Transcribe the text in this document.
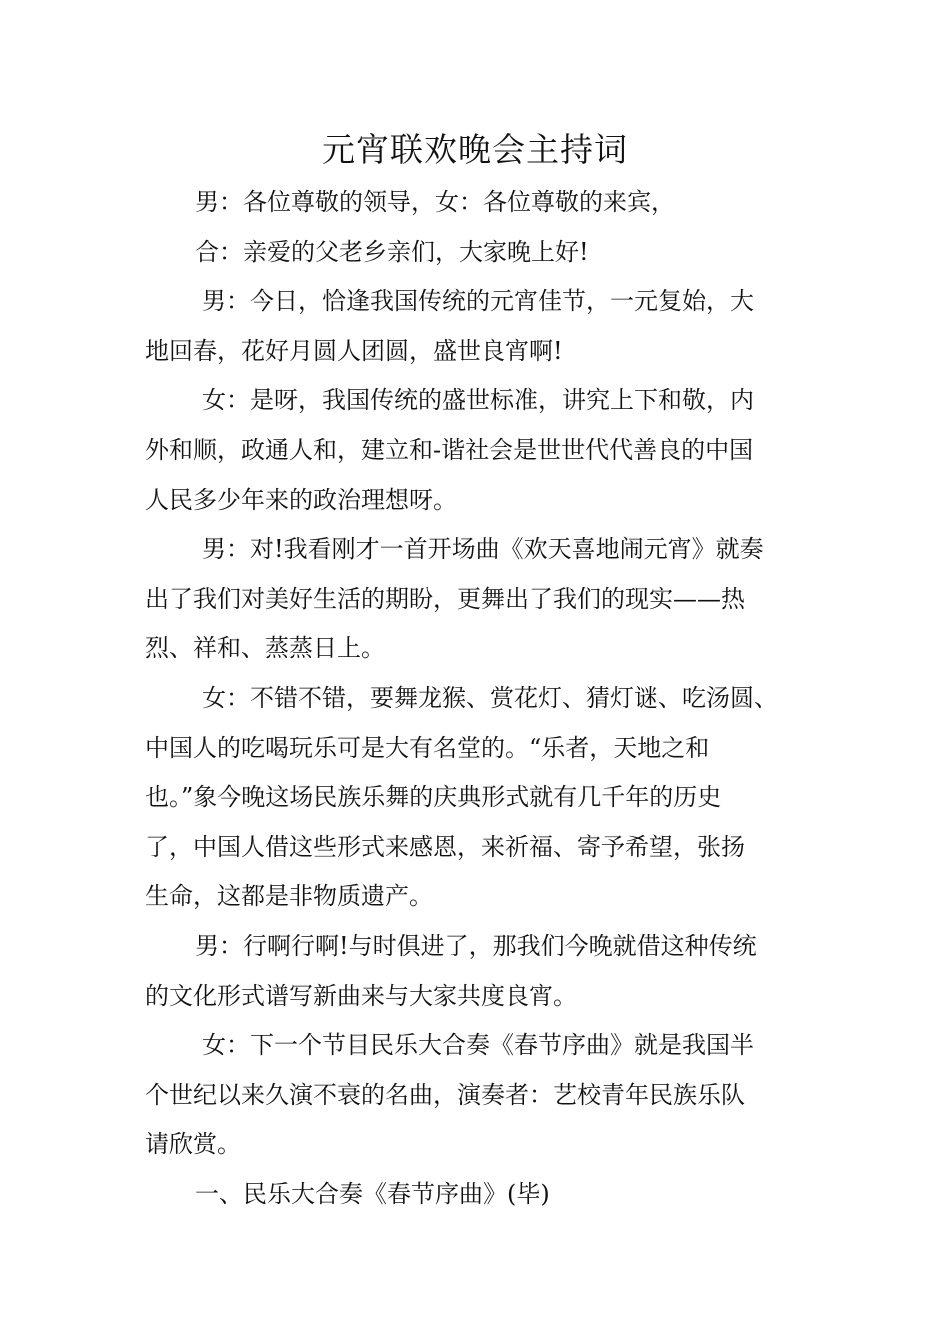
元宵联欢晚会主持词
男：各位尊敬的领导，女：各位尊敬的来宾，
合：亲爱的父老乡亲们，大家晚上好!
男：今日，恰逢我国传统的元宵佳节，一元复始，大
地回春，花好月圆人团圆，盛世良宵啊!
女：是呀，我国传统的盛世标准，讲究上下和敬，内
外和顺，政通人和，建立和-谐社会是世世代代善良的中国
人民多少年来的政治理想呀。
男：对!我看刚才一首开场曲《欢天喜地闹元宵》就奏
出了我们对美好生活的期盼，更舞出了我们的现实——热
烈、祥和、蒸蒸日上。
女：不错不错，要舞龙猴、赏花灯、猜灯谜、吃汤圆、
中国人的吃喝玩乐可是大有名堂的。“乐者，天地之和
也。”象今晚这场民族乐舞的庆典形式就有几千年的历史
了，中国人借这些形式来感恩，来祈福、寄予希望，张扬
生命，这都是非物质遗产。
男：行啊行啊!与时俱进了，那我们今晚就借这种传统
的文化形式谱写新曲来与大家共度良宵。
女：下一个节目民乐大合奏《春节序曲》就是我国半
个世纪以来久演不衰的名曲，演奏者：艺校青年民族乐队
请欣赏。
一、民乐大合奏《春节序曲》(毕)
